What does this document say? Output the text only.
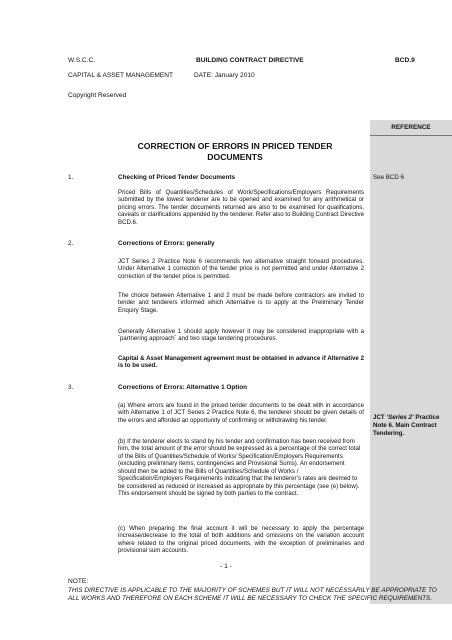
W.S.C.C.	BUILDING CONTRACT DIRECTIVE	BCD.9
CAPITAL & ASSET MANAGEMENT	DATE: January 2010
Copyright Reserved
REFERENCE
See BCD 6
JCT ‘Series 2’ Practice Note 6. Main Contract Tendering.
CORRECTION OF ERRORS IN PRICED TENDER DOCUMENTS
1.	Checking of Priced Tender Documents
Priced Bills of Quantities/Schedules of Work/Specifications/Employers Requirements submitted by the lowest tenderer are to be opened and examined for any arithmetical or pricing errors. The tender documents returned are also to be examined for qualifications, caveats or clarifications appended by the tenderer. Refer also to Building Contract Directive BCD.6.
2.	Corrections of Errors: generally
JCT Series 2 Practice Note 6 recommends two alternative straight forward procedures. Under Alternative 1 correction of the tender price is not permitted and under Alternative 2 correction of the tender price is permitted.
The choice between Alternative 1 and 2 must be made before contractors are invited to tender and tenderers informed which Alternative is to apply at the Preliminary Tender Enquiry Stage.
Generally Alternative 1 should apply however it may be considered inappropriate with a `partnering approach` and two stage tendering procedures.
Capital & Asset Management agreement must be obtained in advance if Alternative 2 is to be used.
3.	Corrections of Errors: Alternative 1 Option
(a) Where errors are found in the priced tender documents to be dealt with in accordance with Alternative 1 of JCT Series 2 Practice Note 6, the tenderer should be given details of the errors and afforded an opportunity of confirming or withdrawing his tender.
(b) If the tenderer elects to stand by his tender and confirmation has been received from him, the total amount of the error should be expressed as a percentage of the correct total of the Bills of Quantities/Schedule of Works/ Specification/Employers Requirements (excluding preliminary items, contingencies and Provisional Sums). An endorsement should then be added to the Bills of Quantities/Schedule of Works / Specification/Employers Requirements indicating that the tenderer’s rates are deemed to be considered as reduced or increased as appropriate by this percentage (see (e) below). This endorsement should be signed by both parties to the contract.
(c) When preparing the final account it will be necessary to apply the percentage increase/decrease to the total of both additions and omissions on the variation account where related to the original priced documents, with the exception of preliminaries and provisional sum accounts.
- 1 -
NOTE:
THIS DIRECTIVE IS APPLICABLE TO THE MAJORITY OF SCHEMES BUT IT WILL NOT NECESSARILY BE APPROPRIATE TO ALL WORKS AND THEREFORE ON EACH SCHEME IT WILL BE NECESSARY TO CHECK THE SPECIFIC REQUIREMENTS.
